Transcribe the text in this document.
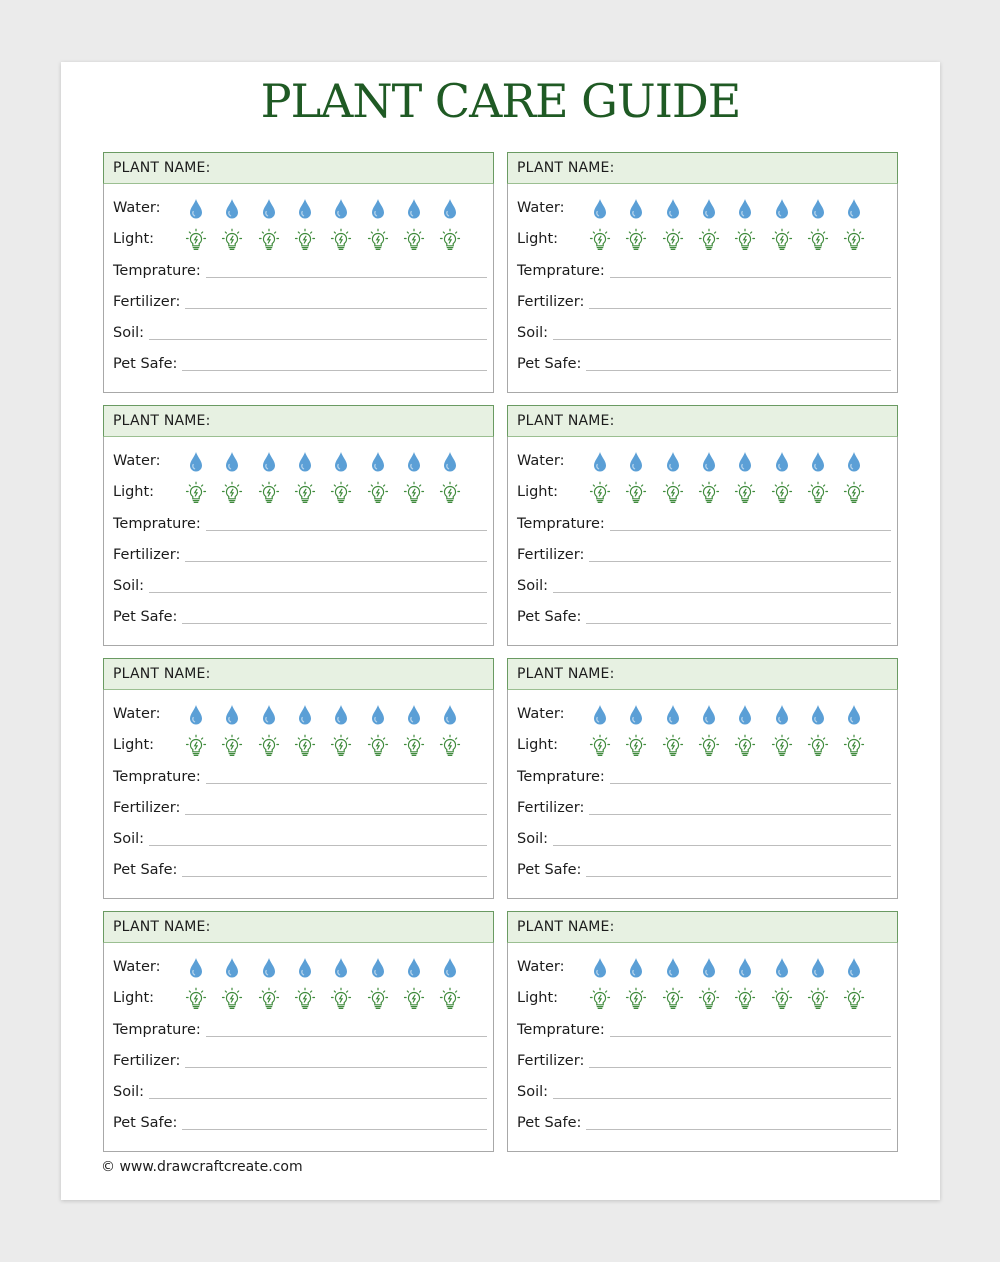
PLANT CARE GUIDE
PLANT NAME:
Water:
Light:
Temprature:
Fertilizer:
Soil:
Pet Safe:
PLANT NAME:
Water:
Light:
Temprature:
Fertilizer:
Soil:
Pet Safe:
PLANT NAME:
Water:
Light:
Temprature:
Fertilizer:
Soil:
Pet Safe:
PLANT NAME:
Water:
Light:
Temprature:
Fertilizer:
Soil:
Pet Safe:
PLANT NAME:
Water:
Light:
Temprature:
Fertilizer:
Soil:
Pet Safe:
PLANT NAME:
Water:
Light:
Temprature:
Fertilizer:
Soil:
Pet Safe:
PLANT NAME:
Water:
Light:
Temprature:
Fertilizer:
Soil:
Pet Safe:
PLANT NAME:
Water:
Light:
Temprature:
Fertilizer:
Soil:
Pet Safe:
© www.drawcraftcreate.com
